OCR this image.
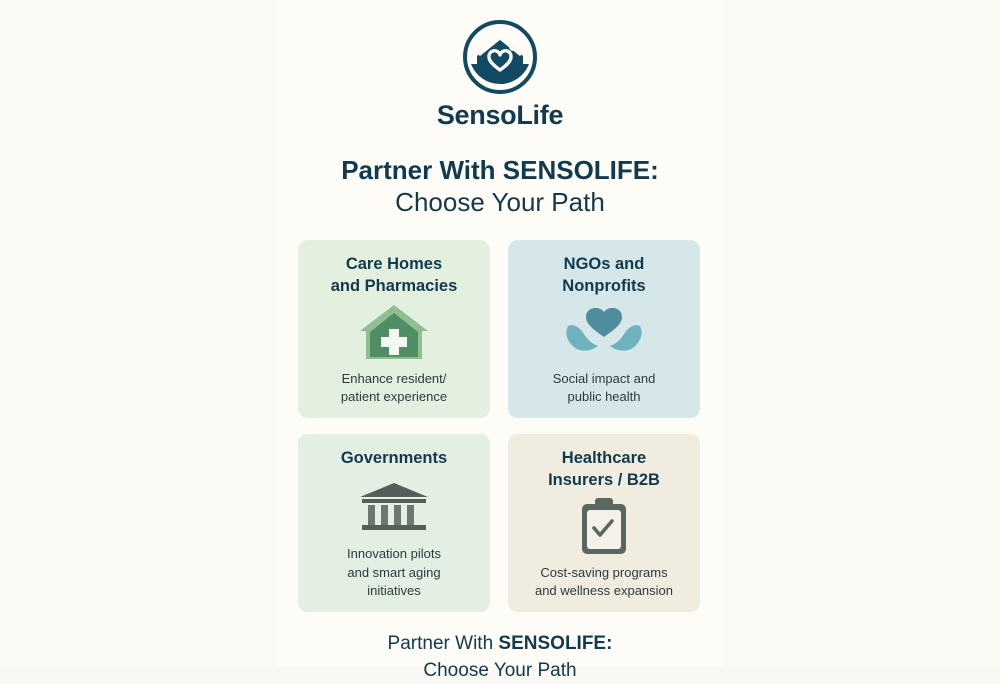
SensoLife
Partner With SENSOLIFE:
Choose Your Path
Care Homes
and Pharmacies
Enhance resident/
patient experience
NGOs and
Nonprofits
Social impact and
public health
Governments
Innovation pilots
and smart aging
initiatives
Healthcare
Insurers / B2B
Cost-saving programs
and wellness expansion
Partner With SENSOLIFE:
Choose Your Path
